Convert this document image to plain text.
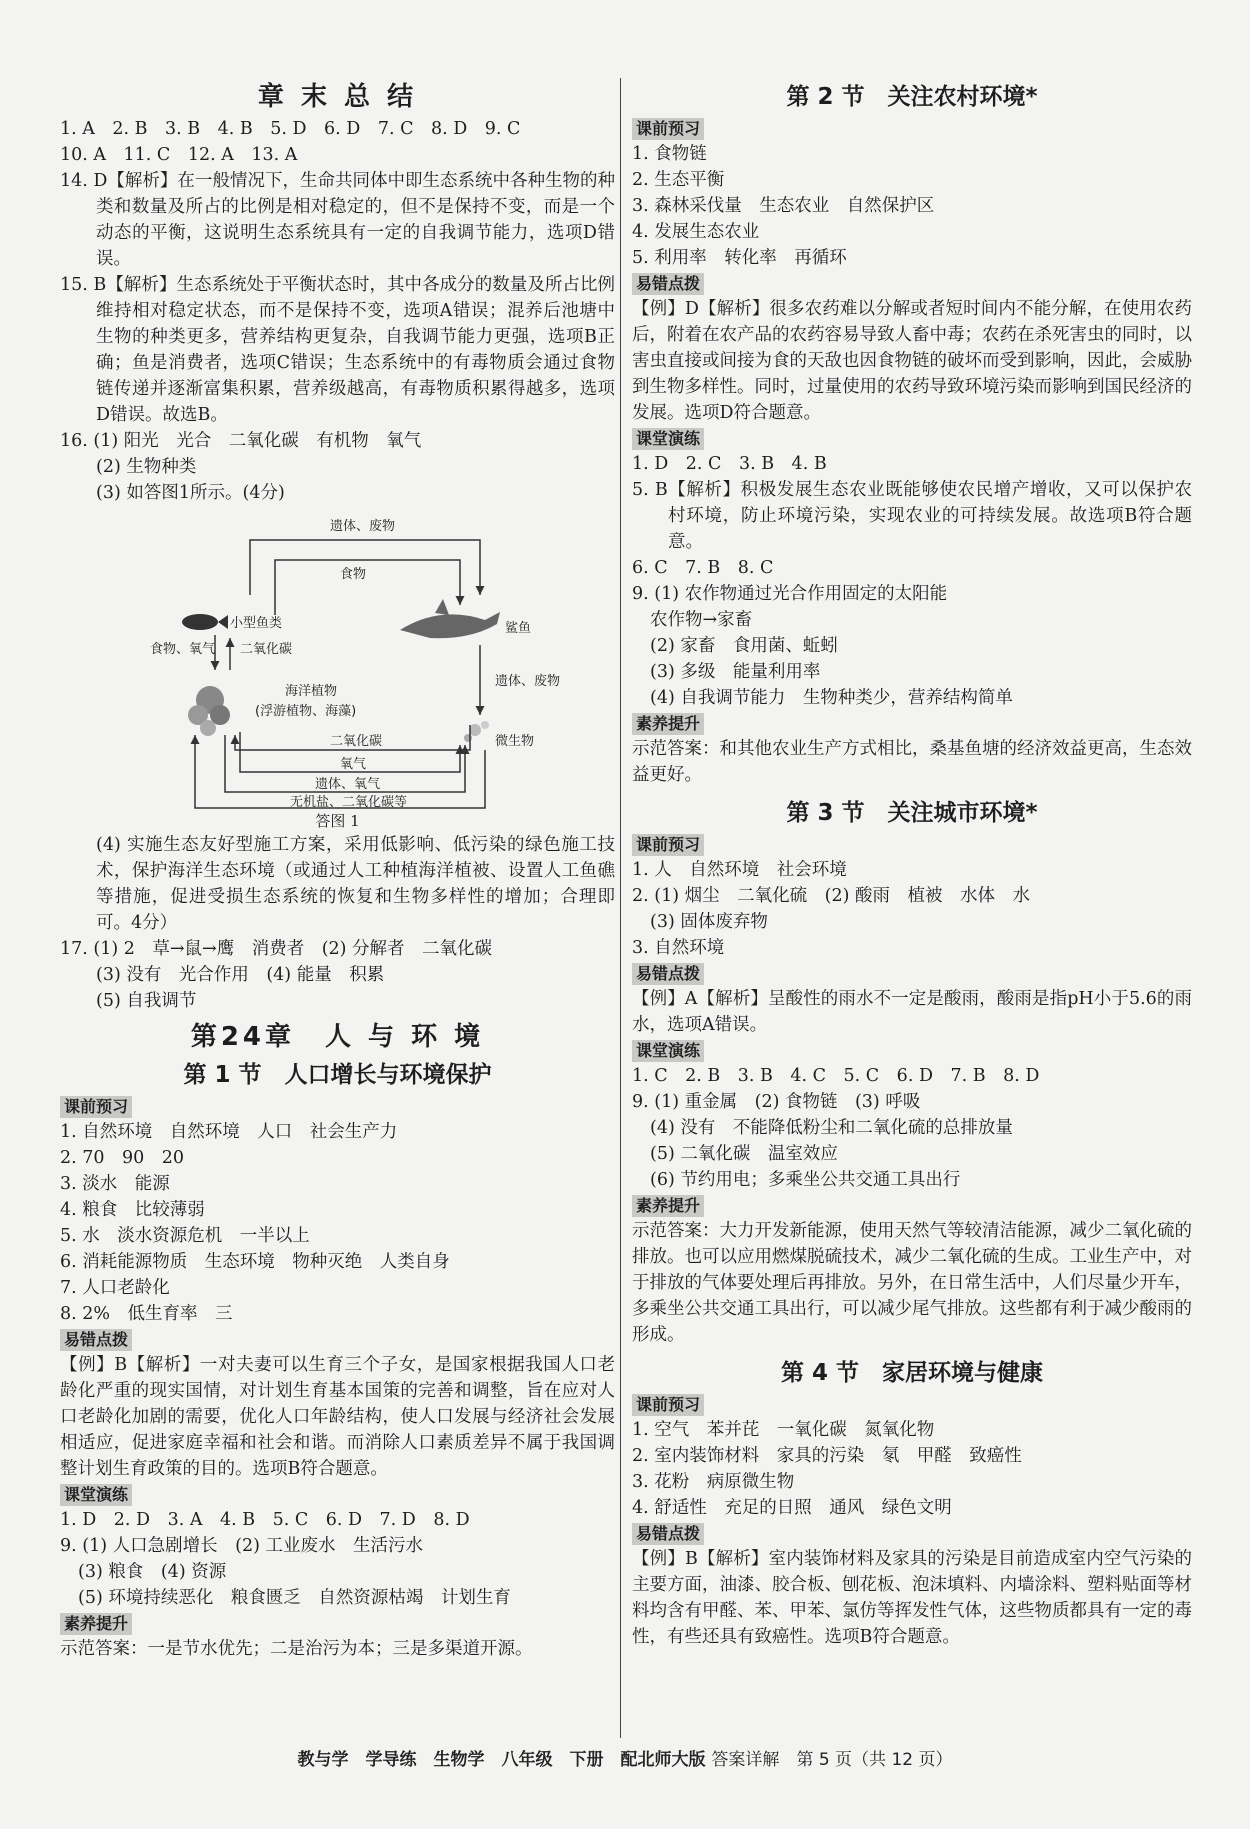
章 末 总 结
1. A　2. B　3. B　4. B　5. D　6. D　7. C　8. D　9. C
10. A　11. C　12. A　13. A
14. D【解析】在一般情况下，生命共同体中即生态系统中各种生物的种类和数量及所占的比例是相对稳定的，但不是保持不变，而是一个动态的平衡，这说明生态系统具有一定的自我调节能力，选项D错误。
15. B【解析】生态系统处于平衡状态时，其中各成分的数量及所占比例维持相对稳定状态，而不是保持不变，选项A错误；混养后池塘中生物的种类更多，营养结构更复杂，自我调节能力更强，选项B正确；鱼是消费者，选项C错误；生态系统中的有毒物质会通过食物链传递并逐渐富集积累，营养级越高，有毒物质积累得越多，选项D错误。故选B。
16. (1) 阳光　光合　二氧化碳　有机物　氧气
(2) 生物种类
(3) 如答图1所示。(4分)
遗体、废物
食物
小型鱼类	鲨鱼
食物、氧气 二氧化碳
海洋植物
(浮游植物、海藻)
遗体、废物
微生物
二氧化碳
氧气
遗体、氧气
无机盐、二氧化碳等
答图 1
(4) 实施生态友好型施工方案，采用低影响、低污染的绿色施工技术，保护海洋生态环境（或通过人工种植海洋植被、设置人工鱼礁等措施，促进受损生态系统的恢复和生物多样性的增加；合理即可。4分）
17. (1) 2　草→鼠→鹰　消费者　(2) 分解者　二氧化碳
(3) 没有　光合作用　(4) 能量　积累
(5) 自我调节
第24章　人 与 环 境
第 1 节　人口增长与环境保护
课前预习
1. 自然环境　自然环境　人口　社会生产力
2. 70　90　20
3. 淡水　能源
4. 粮食　比较薄弱
5. 水　淡水资源危机　一半以上
6. 消耗能源物质　生态环境　物种灭绝　人类自身
7. 人口老龄化
8. 2%　低生育率　三
易错点拨
【例】B【解析】一对夫妻可以生育三个子女，是国家根据我国人口老龄化严重的现实国情，对计划生育基本国策的完善和调整，旨在应对人口老龄化加剧的需要，优化人口年龄结构，使人口发展与经济社会发展相适应，促进家庭幸福和社会和谐。而消除人口素质差异不属于我国调整计划生育政策的目的。选项B符合题意。
课堂演练
1. D　2. D　3. A　4. B　5. C　6. D　7. D　8. D
9. (1) 人口急剧增长　(2) 工业废水　生活污水
(3) 粮食　(4) 资源
(5) 环境持续恶化　粮食匮乏　自然资源枯竭　计划生育
素养提升
示范答案：一是节水优先；二是治污为本；三是多渠道开源。
第 2 节　关注农村环境*
课前预习
1. 食物链
2. 生态平衡
3. 森林采伐量　生态农业　自然保护区
4. 发展生态农业
5. 利用率　转化率　再循环
易错点拨
【例】D【解析】很多农药难以分解或者短时间内不能分解，在使用农药后，附着在农产品的农药容易导致人畜中毒；农药在杀死害虫的同时，以害虫直接或间接为食的天敌也因食物链的破坏而受到影响，因此，会威胁到生物多样性。同时，过量使用的农药导致环境污染而影响到国民经济的发展。选项D符合题意。
课堂演练
1. D　2. C　3. B　4. B
5. B【解析】积极发展生态农业既能够使农民增产增收，又可以保护农村环境，防止环境污染，实现农业的可持续发展。故选项B符合题意。
6. C　7. B　8. C
9. (1) 农作物通过光合作用固定的太阳能
农作物→家畜
(2) 家畜　食用菌、蚯蚓
(3) 多级　能量利用率
(4) 自我调节能力　生物种类少，营养结构简单
素养提升
示范答案：和其他农业生产方式相比，桑基鱼塘的经济效益更高，生态效益更好。
第 3 节　关注城市环境*
课前预习
1. 人　自然环境　社会环境
2. (1) 烟尘　二氧化硫　(2) 酸雨　植被　水体　水
(3) 固体废弃物
3. 自然环境
易错点拨
【例】A【解析】呈酸性的雨水不一定是酸雨，酸雨是指pH小于5.6的雨水，选项A错误。
课堂演练
1. C　2. B　3. B　4. C　5. C　6. D　7. B　8. D
9. (1) 重金属　(2) 食物链　(3) 呼吸
(4) 没有　不能降低粉尘和二氧化硫的总排放量
(5) 二氧化碳　温室效应
(6) 节约用电；多乘坐公共交通工具出行
素养提升
示范答案：大力开发新能源，使用天然气等较清洁能源，减少二氧化硫的排放。也可以应用燃煤脱硫技术，减少二氧化硫的生成。工业生产中，对于排放的气体要处理后再排放。另外，在日常生活中，人们尽量少开车，多乘坐公共交通工具出行，可以减少尾气排放。这些都有利于减少酸雨的形成。
第 4 节　家居环境与健康
课前预习
1. 空气　苯并芘　一氧化碳　氮氧化物
2. 室内装饰材料　家具的污染　氡　甲醛　致癌性
3. 花粉　病原微生物
4. 舒适性　充足的日照　通风　绿色文明
易错点拨
【例】B【解析】室内装饰材料及家具的污染是目前造成室内空气污染的主要方面，油漆、胶合板、刨花板、泡沫填料、内墙涂料、塑料贴面等材料均含有甲醛、苯、甲苯、氯仿等挥发性气体，这些物质都具有一定的毒性，有些还具有致癌性。选项B符合题意。
教与学　学导练　生物学　八年级　下册　配北师大版 答案详解　第 5 页（共 12 页）
